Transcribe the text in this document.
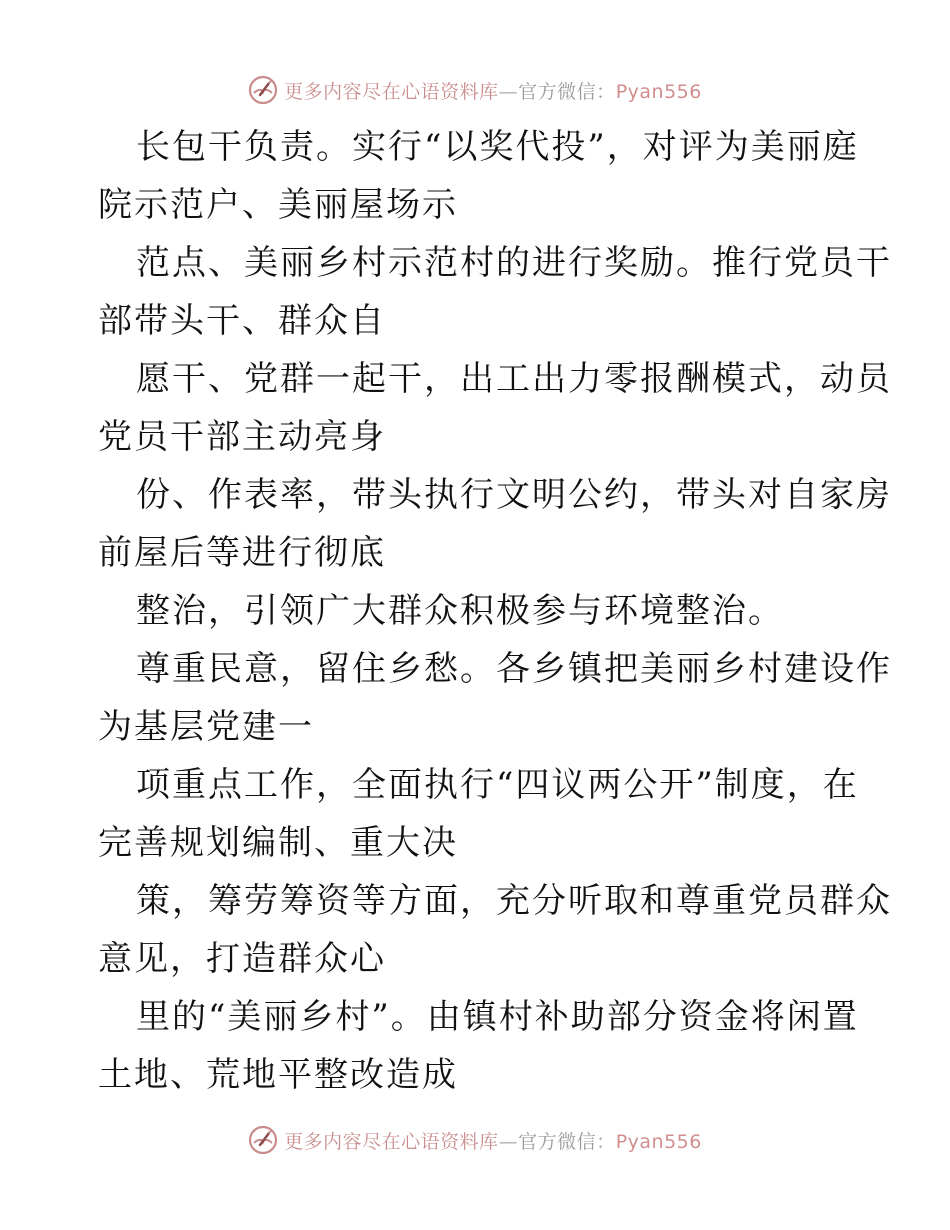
更多内容尽在心语资料库—官方微信：Pyan556
长包干负责。实行“以奖代投”，对评为美丽庭
院示范户、美丽屋场示
范点、美丽乡村示范村的进行奖励。推行党员干
部带头干、群众自
愿干、党群一起干，出工出力零报酬模式，动员
党员干部主动亮身
份、作表率，带头执行文明公约，带头对自家房
前屋后等进行彻底
整治，引领广大群众积极参与环境整治。
尊重民意，留住乡愁。各乡镇把美丽乡村建设作
为基层党建一
项重点工作，全面执行“四议两公开”制度，在
完善规划编制、重大决
策，筹劳筹资等方面，充分听取和尊重党员群众
意见，打造群众心
里的“美丽乡村”。由镇村补助部分资金将闲置
土地、荒地平整改造成
更多内容尽在心语资料库—官方微信：Pyan556
